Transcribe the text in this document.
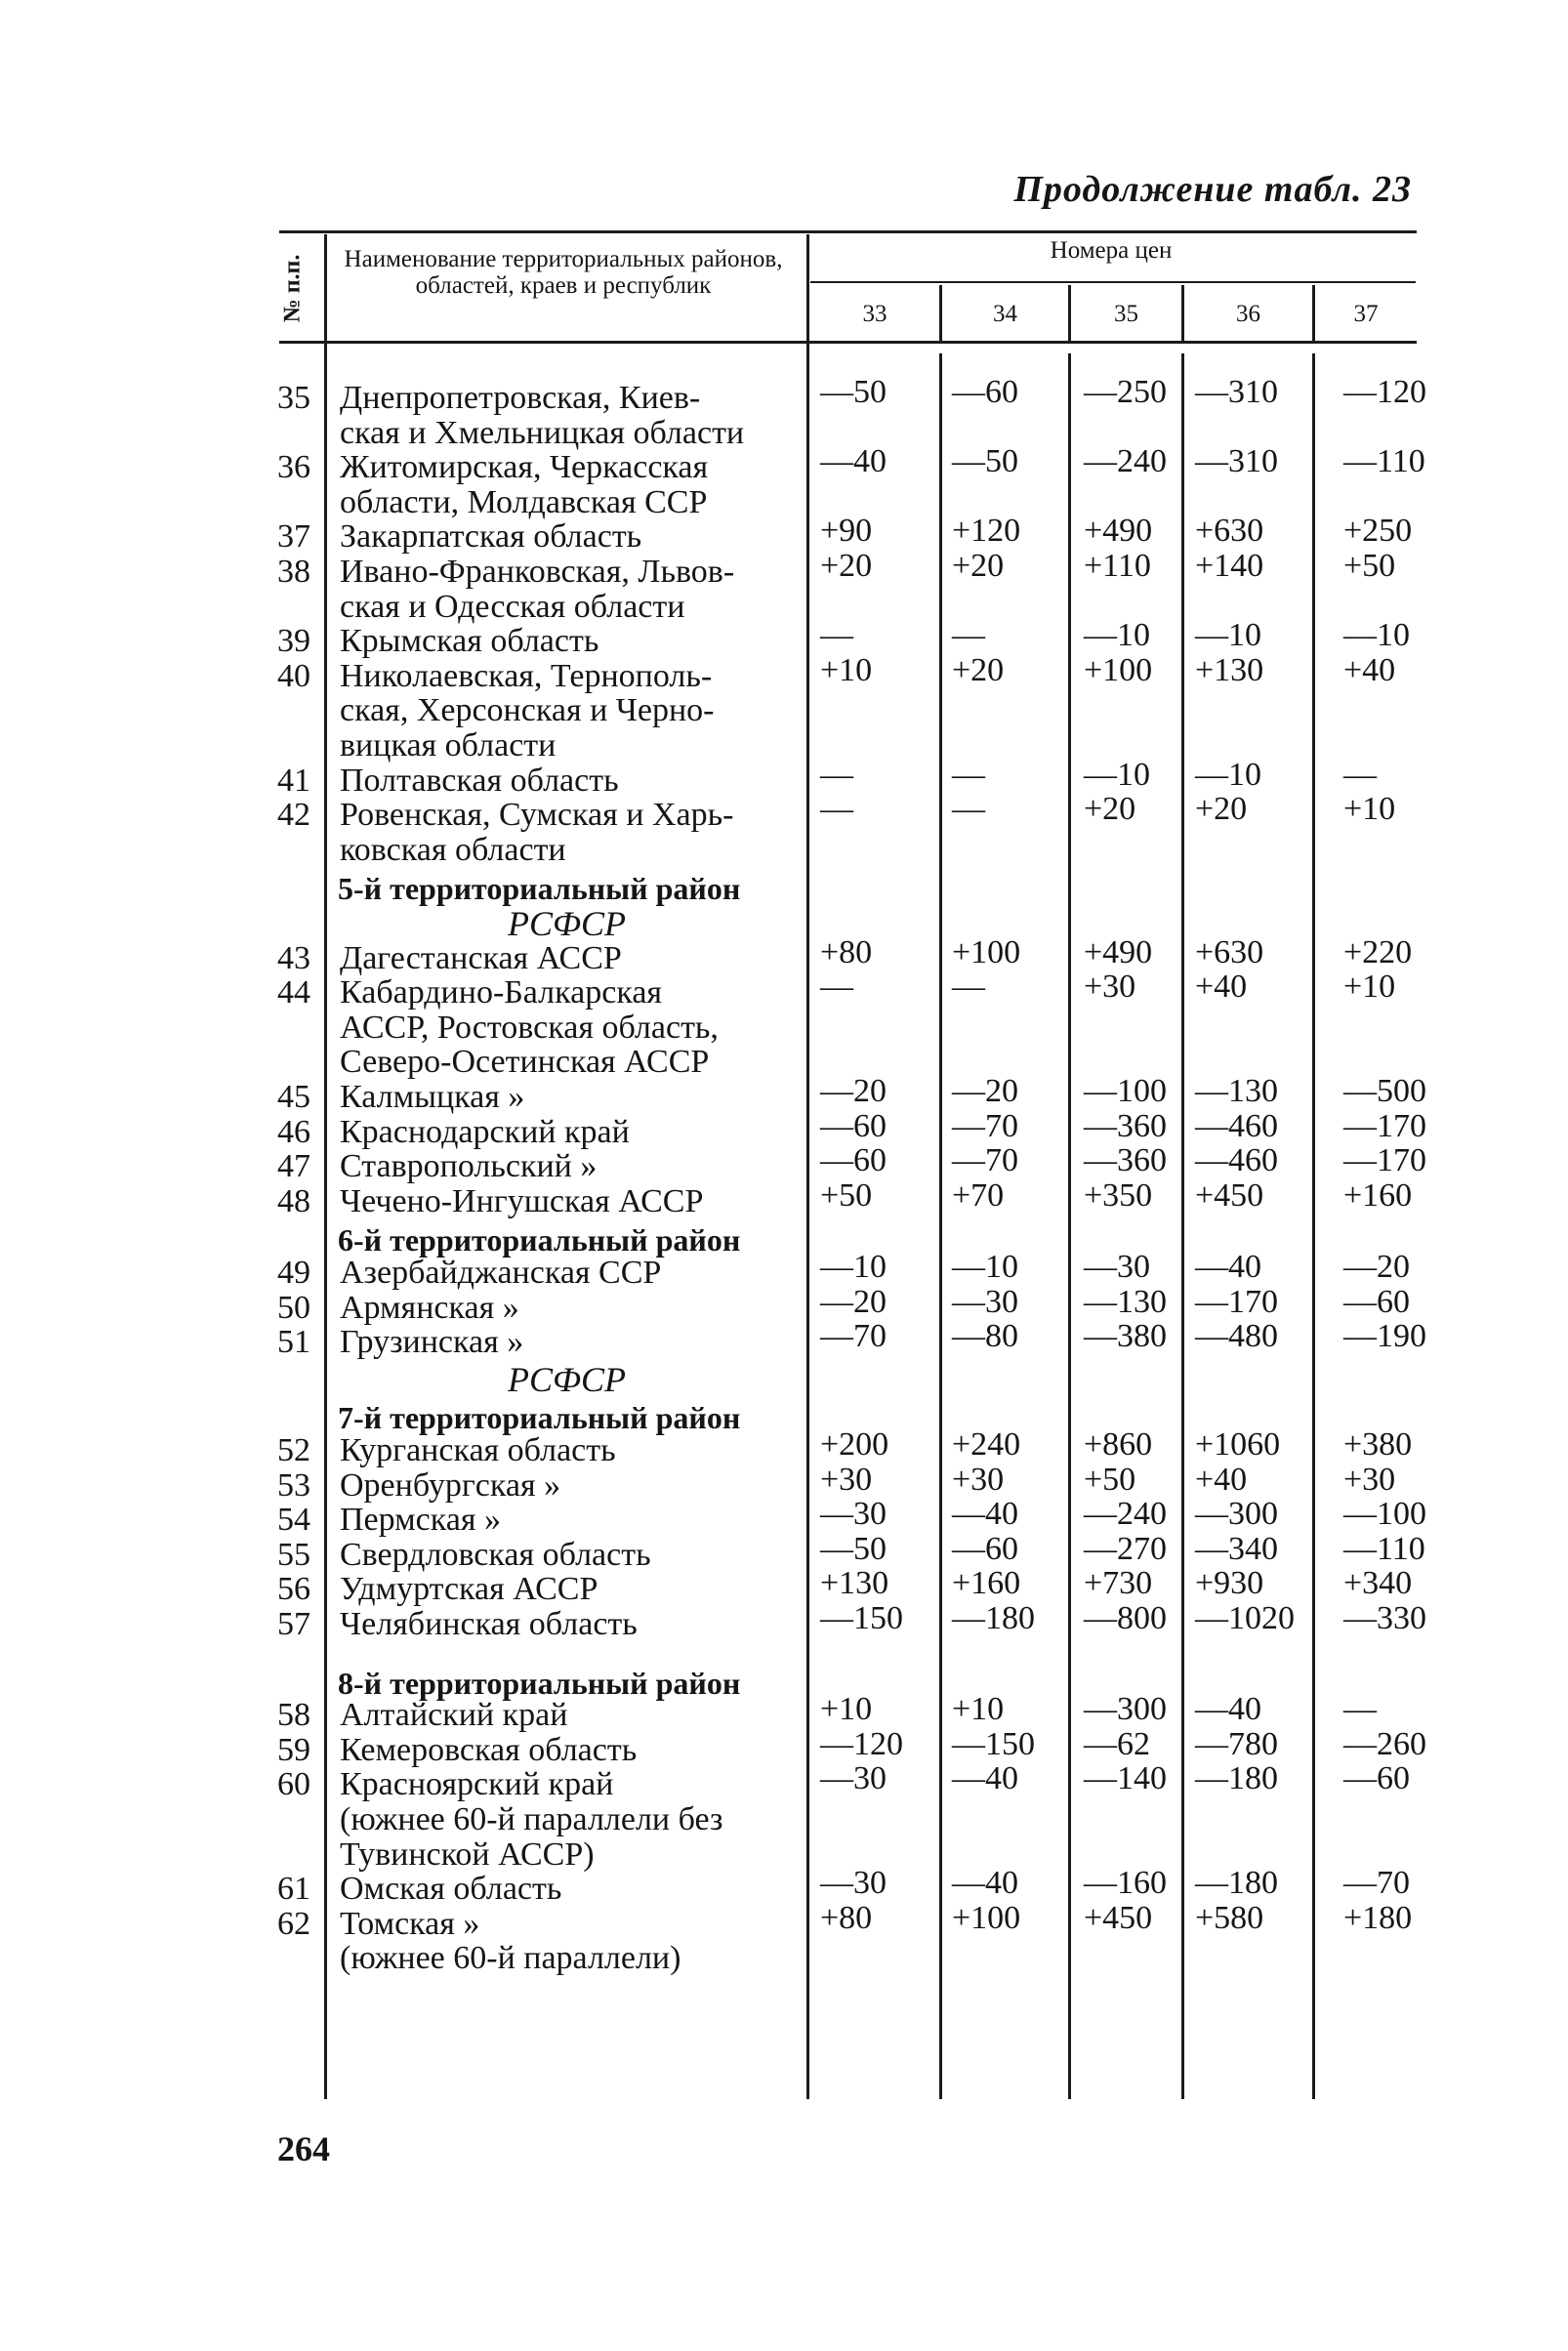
Продолжение табл. 23
№ п.п.	Наименование территориальных районов, областей, краев и республик
Номера цен
33	34	35	36	37
35 Днепропетровская, Киев-
ская и Хмельницкая области
—50 —60 —250 —310 —120
36 Житомирская, Черкасская
области, Молдавская ССР
—40 —50 —240 —310 —110
37 Закарпатская область	+90 +120 +490 +630 +250
38 Ивано-Франковская, Львов-
ская и Одесская области
+20 +20 +110 +140 +50
39 Крымская область	—	—	—10 —10 —10
40 Николаевская, Тернополь-
ская, Херсонская и Черно-
вицкая области
+10 +20 +100 +130 +40
41 Полтавская область	—	—	—10 —10 —
42 Ровенская, Сумская и Харь-
ковская области
—	—	+20 +20	+10
5-й территориальный район
РСФСР
43 Дагестанская АССР	+80 +100 +490 +630 +220
44 Кабардино-Балкарская
АССР, Ростовская область,
Северо-Осетинская АССР
—	—	+30 +40	+10
45 Калмыцкая »	—20 —20 —100 —130 —500
46 Краснодарский край	—60 —70 —360 —460 —170
47 Ставропольский »	—60 —70 —360 —460 —170
48 Чечено-Ингушская АССР	+50 +70 +350 +450 +160
6-й территориальный район
49 Азербайджанская ССР	—10 —10 —30 —40 —20
50 Армянская »	—20 —30 —130 —170 —60
51 Грузинская »	—70 —80 —380 —480 —190
РСФСР
7-й территориальный район
52 Курганская область	+200 +240 +860 +1060 +380
53 Оренбургская »	+30 +30 +50 +40	+30
54 Пермская »	—30 —40 —240 —300 —100
55 Свердловская область	—50 —60 —270 —340 —110
56 Удмуртская АССР	+130 +160 +730 +930 +340
57 Челябинская область	—150 —180 —800 —1020 —330
8-й территориальный район
58 Алтайский край	+10 +10 —300 —40 —
59 Кемеровская область	—120 —150 —62 —780 —260
60 Красноярский край
(южнее 60-й параллели без
Тувинской АССР)
—30 —40 —140 —180 —60
61 Омская область	—30 —40 —160 —180 —70
62 Томская »
(южнее 60-й параллели)
+80 +100 +450 +580 +180
264
